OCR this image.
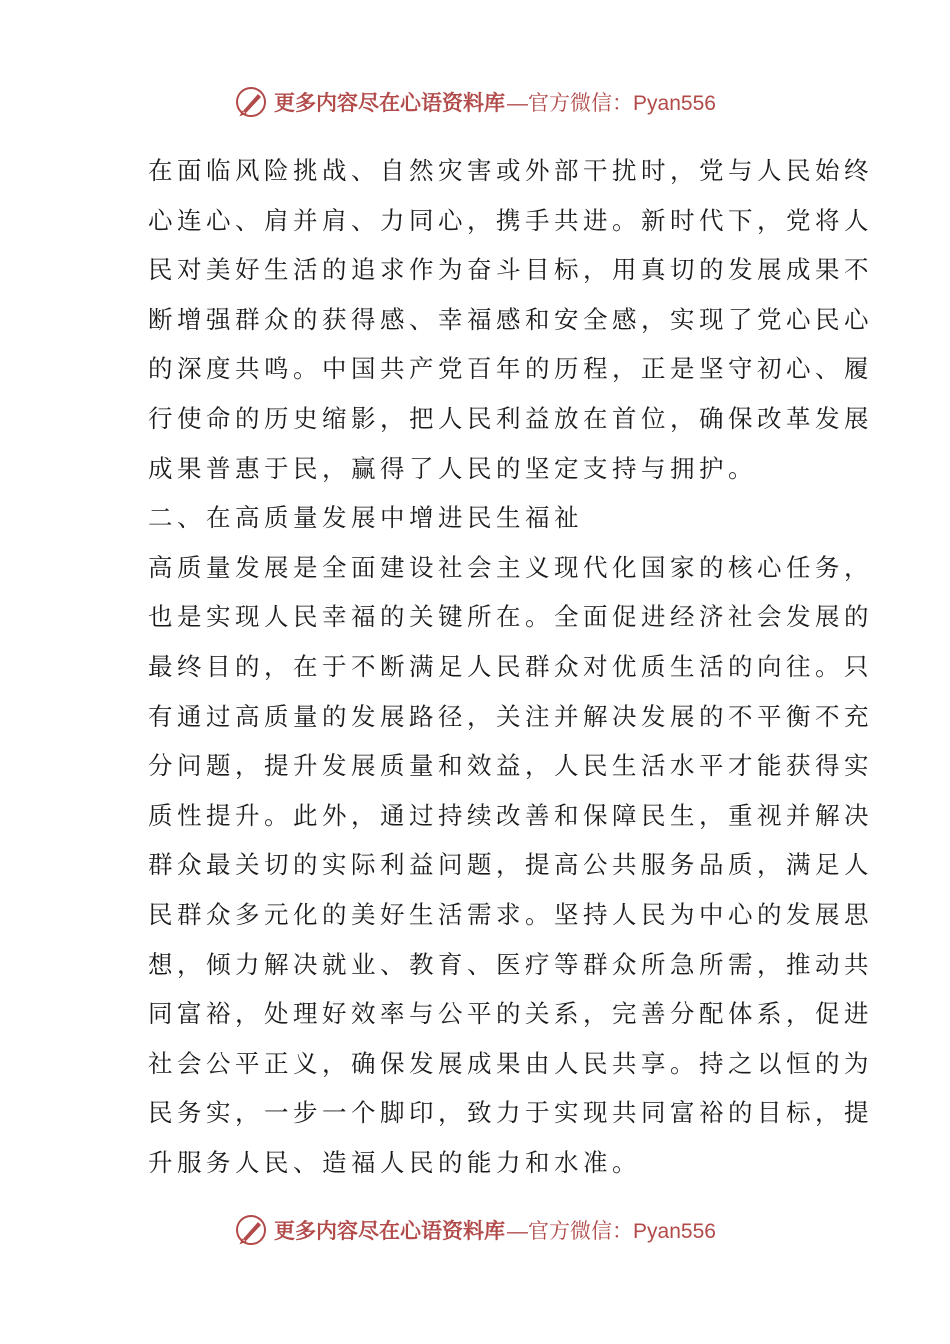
更多内容尽在心语资料库 —官方微信：Pyan556
在面临风险挑战、自然灾害或外部干扰时，党与人民始终
心连心、肩并肩、力同心，携手共进。新时代下，党将人
民对美好生活的追求作为奋斗目标，用真切的发展成果不
断增强群众的获得感、幸福感和安全感，实现了党心民心
的深度共鸣。中国共产党百年的历程，正是坚守初心、履
行使命的历史缩影，把人民利益放在首位，确保改革发展
成果普惠于民，赢得了人民的坚定支持与拥护。
二、在高质量发展中增进民生福祉
高质量发展是全面建设社会主义现代化国家的核心任务，
也是实现人民幸福的关键所在。全面促进经济社会发展的
最终目的，在于不断满足人民群众对优质生活的向往。只
有通过高质量的发展路径，关注并解决发展的不平衡不充
分问题，提升发展质量和效益，人民生活水平才能获得实
质性提升。此外，通过持续改善和保障民生，重视并解决
群众最关切的实际利益问题，提高公共服务品质，满足人
民群众多元化的美好生活需求。坚持人民为中心的发展思
想，倾力解决就业、教育、医疗等群众所急所需，推动共
同富裕，处理好效率与公平的关系，完善分配体系，促进
社会公平正义，确保发展成果由人民共享。持之以恒的为
民务实，一步一个脚印，致力于实现共同富裕的目标，提
升服务人民、造福人民的能力和水准。
更多内容尽在心语资料库 —官方微信：Pyan556
